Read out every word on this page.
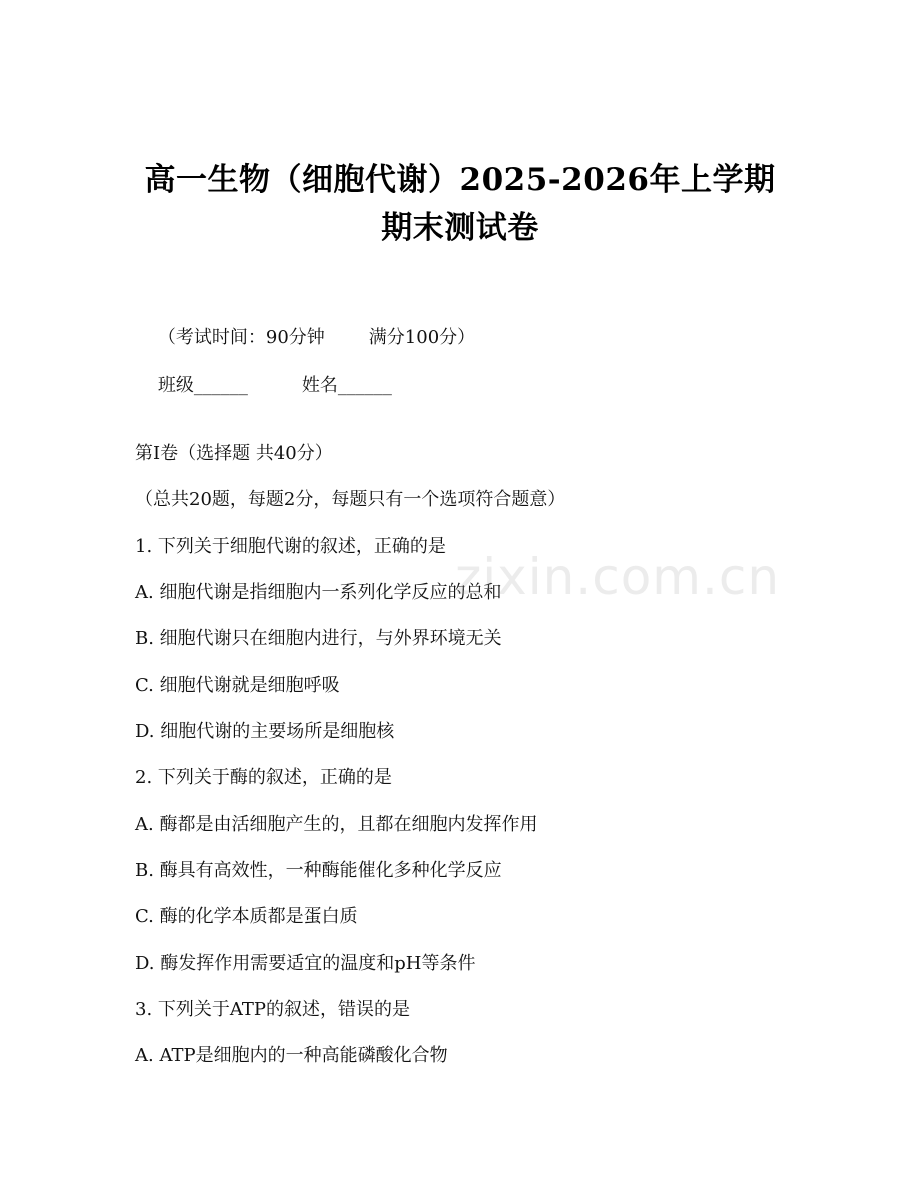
高一生物（细胞代谢）2025-2026年上学期
期末测试卷

（考试时间：90分钟 满分100分）

班级______	姓名______

第Ⅰ卷（选择题 共40分）
（总共20题，每题2分，每题只有一个选项符合题意）
1. 下列关于细胞代谢的叙述，正确的是
A. 细胞代谢是指细胞内一系列化学反应的总和
B. 细胞代谢只在细胞内进行，与外界环境无关
C. 细胞代谢就是细胞呼吸
D. 细胞代谢的主要场所是细胞核
2. 下列关于酶的叙述，正确的是
A. 酶都是由活细胞产生的，且都在细胞内发挥作用
B. 酶具有高效性，一种酶能催化多种化学反应
C. 酶的化学本质都是蛋白质
D. 酶发挥作用需要适宜的温度和pH等条件
3. 下列关于ATP的叙述，错误的是
A. ATP是细胞内的一种高能磷酸化合物
zixin.com.cn
